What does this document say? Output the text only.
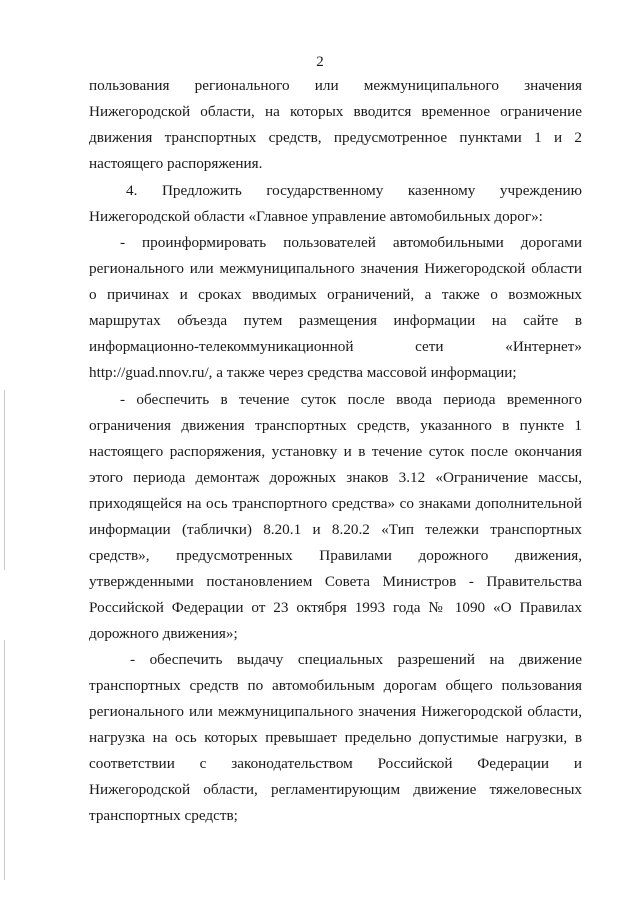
2
пользования регионального или межмуниципального значения
Нижегородской области, на которых вводится временное ограничение
движения транспортных средств, предусмотренное пунктами 1 и 2
настоящего распоряжения.
4. Предложить государственному казенному учреждению
Нижегородской области «Главное управление автомобильных дорог»:
- проинформировать пользователей автомобильными дорогами
регионального или межмуниципального значения Нижегородской области
о причинах и сроках вводимых ограничений, а также о возможных
маршрутах объезда путем размещения информации на сайте в
информационно-телекоммуникационной сети «Интернет»
http://guad.nnov.ru/, а также через средства массовой информации;
- обеспечить в течение суток после ввода периода временного
ограничения движения транспортных средств, указанного в пункте 1
настоящего распоряжения, установку и в течение суток после окончания
этого периода демонтаж дорожных знаков 3.12 «Ограничение массы,
приходящейся на ось транспортного средства» со знаками дополнительной
информации (таблички) 8.20.1 и 8.20.2 «Тип тележки транспортных
средств», предусмотренных Правилами дорожного движения,
утвержденными постановлением Совета Министров - Правительства
Российской Федерации от 23 октября 1993 года № 1090 «О Правилах
дорожного движения»;
- обеспечить выдачу специальных разрешений на движение
транспортных средств по автомобильным дорогам общего пользования
регионального или межмуниципального значения Нижегородской области,
нагрузка на ось которых превышает предельно допустимые нагрузки, в
соответствии с законодательством Российской Федерации и
Нижегородской области, регламентирующим движение тяжеловесных
транспортных средств;
